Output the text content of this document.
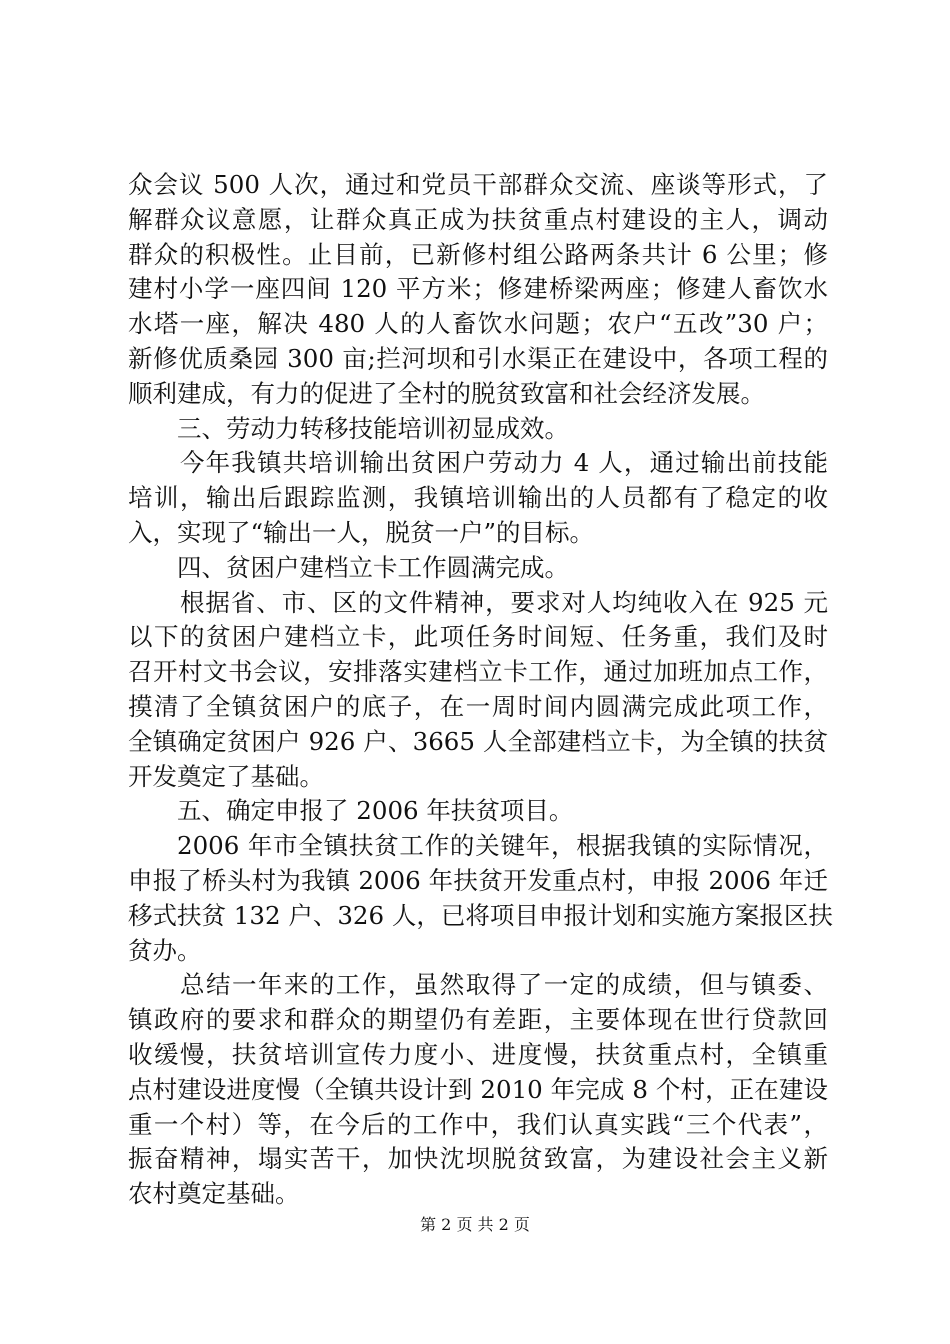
众会议 500 人次，通过和党员干部群众交流、座谈等形式，了
解群众议意愿，让群众真正成为扶贫重点村建设的主人，调动
群众的积极性。止目前，已新修村组公路两条共计 6 公里；修
建村小学一座四间 120 平方米；修建桥梁两座；修建人畜饮水
水塔一座，解决 480 人的人畜饮水问题；农户“五改”30 户；
新修优质桑园 300 亩;拦河坝和引水渠正在建设中，各项工程的
顺利建成，有力的促进了全村的脱贫致富和社会经济发展。
三、劳动力转移技能培训初显成效。
今年我镇共培训输出贫困户劳动力 4 人，通过输出前技能
培训，输出后跟踪监测，我镇培训输出的人员都有了稳定的收
入，实现了“输出一人，脱贫一户”的目标。
四、贫困户建档立卡工作圆满完成。
根据省、市、区的文件精神，要求对人均纯收入在 925 元
以下的贫困户建档立卡，此项任务时间短、任务重，我们及时
召开村文书会议，安排落实建档立卡工作，通过加班加点工作，
摸清了全镇贫困户的底子，在一周时间内圆满完成此项工作，
全镇确定贫困户 926 户、3665 人全部建档立卡，为全镇的扶贫
开发奠定了基础。
五、确定申报了 2006 年扶贫项目。
2006 年市全镇扶贫工作的关键年，根据我镇的实际情况，
申报了桥头村为我镇 2006 年扶贫开发重点村，申报 2006 年迁
移式扶贫 132 户、326 人，已将项目申报计划和实施方案报区扶
贫办。
总结一年来的工作，虽然取得了一定的成绩，但与镇委、
镇政府的要求和群众的期望仍有差距，主要体现在世行贷款回
收缓慢，扶贫培训宣传力度小、进度慢，扶贫重点村，全镇重
点村建设进度慢（全镇共设计到 2010 年完成 8 个村，正在建设
重一个村）等，在今后的工作中，我们认真实践“三个代表”，
振奋精神，塌实苦干，加快沈坝脱贫致富，为建设社会主义新
农村奠定基础。
第 2 页 共 2 页
